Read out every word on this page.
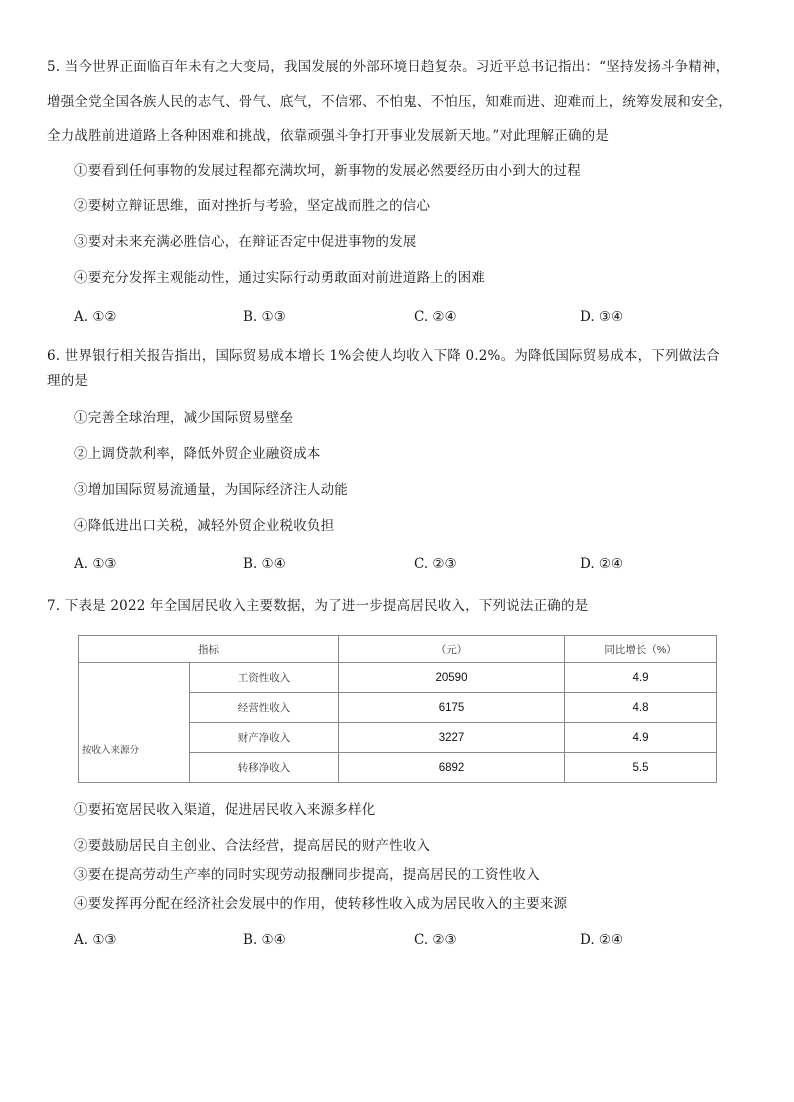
5. 当今世界正面临百年未有之大变局，我国发展的外部环境日趋复杂。习近平总书记指出：“坚持发扬斗争精神，
增强全党全国各族人民的志气、骨气、底气，不信邪、不怕鬼、不怕压，知难而进、迎难而上，统筹发展和安全，
全力战胜前进道路上各种困难和挑战，依靠顽强斗争打开事业发展新天地。”对此理解正确的是
①要看到任何事物的发展过程都充满坎坷，新事物的发展必然要经历由小到大的过程
②要树立辩证思维，面对挫折与考验，坚定战而胜之的信心
③要对未来充满必胜信心，在辩证否定中促进事物的发展
④要充分发挥主观能动性，通过实际行动勇敢面对前进道路上的困难
A. ①②	B. ①③	C. ②④	D. ③④
6. 世界银行相关报告指出，国际贸易成本增长 1%会使人均收入下降 0.2%。为降低国际贸易成本，下列做法合
理的是
①完善全球治理，减少国际贸易壁垒
②上调贷款利率，降低外贸企业融资成本
③增加国际贸易流通量，为国际经济注人动能
④降低进出口关税，减轻外贸企业税收负担
A. ①③	B. ①④	C. ②③	D. ②④
7. 下表是 2022 年全国居民收入主要数据，为了进一步提高居民收入，下列说法正确的是
指标		（元）	同比增长（%）
按收入来源分	工资性收入	20590	4.9
	经营性收入	6175	4.8
	财产净收入	3227	4.9
	转移净收入	6892	5.5
①要拓宽居民收入渠道，促进居民收入来源多样化
②要鼓励居民自主创业、合法经营，提高居民的财产性收入
③要在提高劳动生产率的同时实现劳动报酬同步提高，提高居民的工资性收入
④要发挥再分配在经济社会发展中的作用，使转移性收入成为居民收入的主要来源
A. ①③	B. ①④	C. ②③	D. ②④
